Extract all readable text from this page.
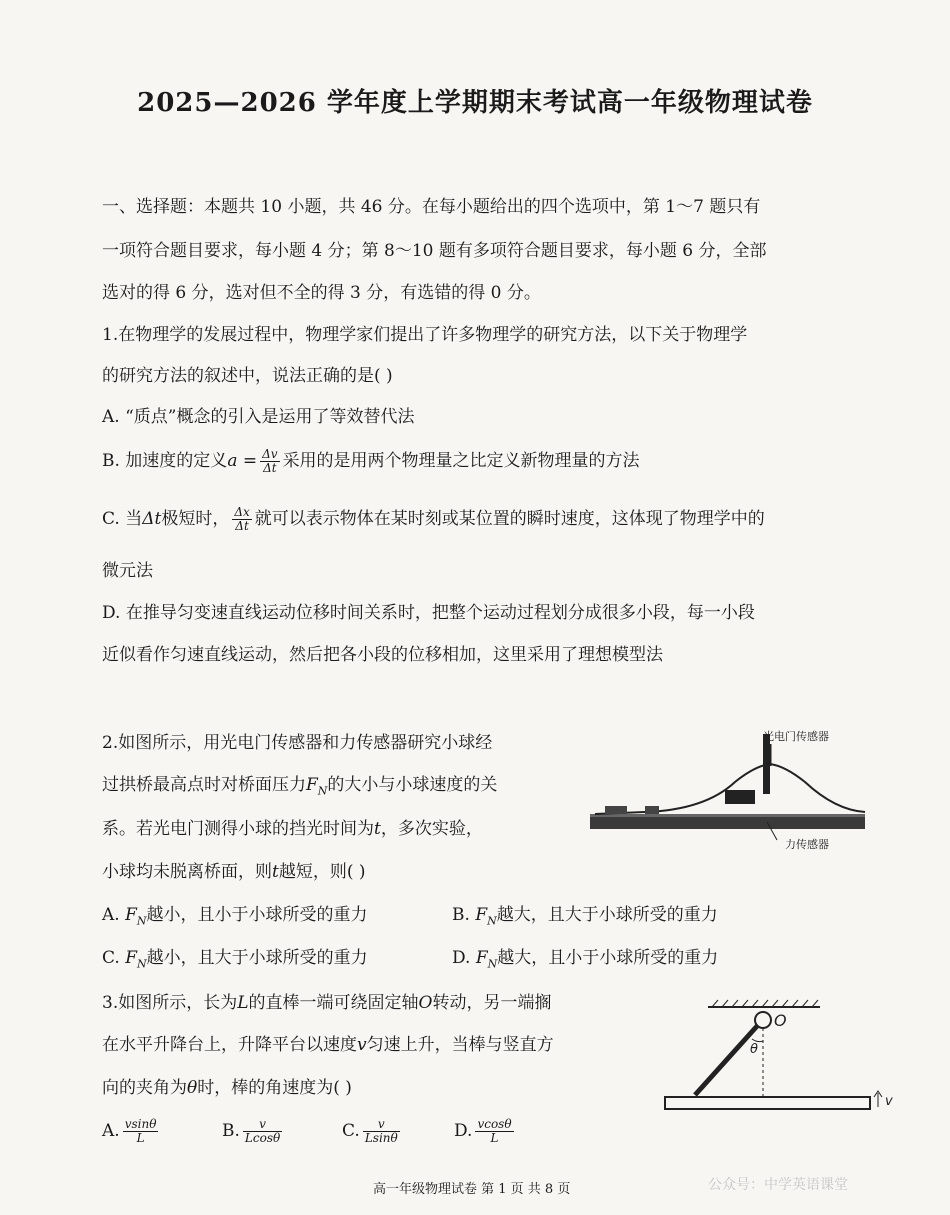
2025—2026 学年度上学期期末考试高一年级物理试卷
一、选择题：本题共 10 小题，共 46 分。在每小题给出的四个选项中，第 1～7 题只有
一项符合题目要求，每小题 4 分；第 8～10 题有多项符合题目要求，每小题 6 分，全部
选对的得 6 分，选对但不全的得 3 分，有选错的得 0 分。
1.在物理学的发展过程中，物理学家们提出了许多物理学的研究方法，以下关于物理学
的研究方法的叙述中，说法正确的是( )
A. “质点”概念的引入是运用了等效替代法
B. 加速度的定义$a = \frac{\Delta v}{\Delta t}$ 采用的是用两个物理量之比定义新物理量的方法
C. 当Δt极短时， $\frac{\Delta x}{\Delta t}$ 就可以表示物体在某时刻或某位置的瞬时速度，这体现了物理学中的
微元法
D. 在推导匀变速直线运动位移时间关系时，把整个运动过程划分成很多小段，每一小段
近似看作匀速直线运动，然后把各小段的位移相加，这里采用了理想模型法
2.如图所示，用光电门传感器和力传感器研究小球经
过拱桥最高点时对桥面压力$F_N$的大小与小球速度的关
系。若光电门测得小球的挡光时间为t，多次实验，
小球均未脱离桥面，则t越短，则( )
A. $F_N$越小，且小于小球所受的重力	B. $F_N$越大，且大于小球所受的重力
C. $F_N$越小，且大于小球所受的重力	D. $F_N$越大，且小于小球所受的重力
光电门传感器
力传感器
3.如图所示，长为L的直棒一端可绕固定轴O转动，另一端搁
在水平升降台上，升降平台以速度v匀速上升，当棒与竖直方
向的夹角为θ时，棒的角速度为( )
A. $\frac{vsin\theta}{L}$	B. $\frac{v}{Lcos\theta}$	C. $\frac{v}{Lsin\theta}$	D. $\frac{vcos\theta}{L}$
O
θ
v
高一年级物理试卷 第 1 页 共 8 页	公众号：中学英语课堂
